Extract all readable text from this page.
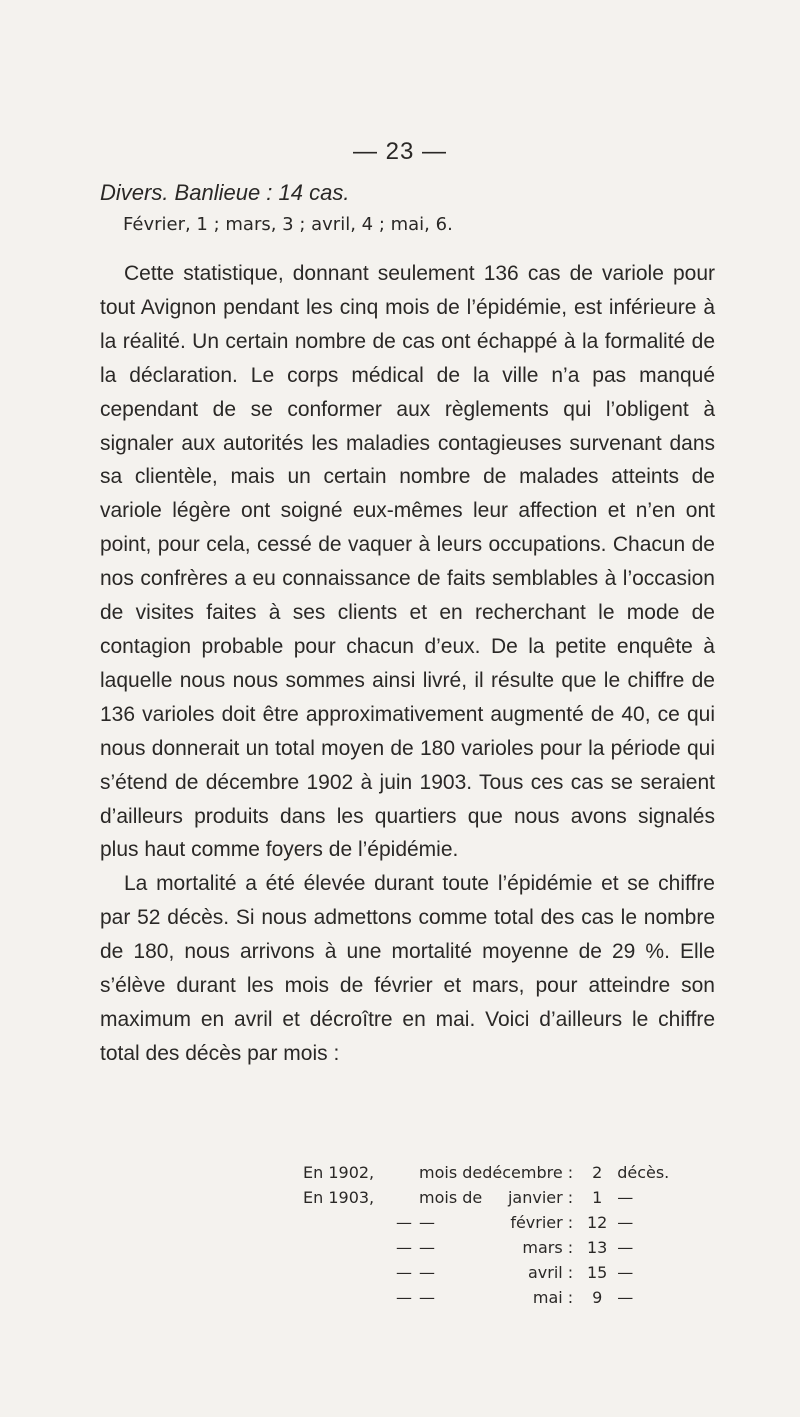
— 23 —
Divers. Banlieue : 14 cas.
Février, 1 ; mars, 3 ; avril, 4 ; mai, 6.

Cette statistique, donnant seulement 136 cas de variole pour tout Avignon pendant les cinq mois de l’épidémie, est inférieure à la réalité. Un certain nombre de cas ont échappé à la formalité de la déclaration. Le corps médical de la ville n’a pas manqué cependant de se conformer aux règlements qui l’obligent à signaler aux autorités les maladies contagieuses survenant dans sa clientèle, mais un certain nombre de malades atteints de variole légère ont soigné eux-mêmes leur affection et n’en ont point, pour cela, cessé de vaquer à leurs occupations. Chacun de nos confrères a eu connaissance de faits semblables à l’occasion de visites faites à ses clients et en recherchant le mode de contagion probable pour chacun d’eux. De la petite enquête à laquelle nous nous sommes ainsi livré, il résulte que le chiffre de 136 varioles doit être approximativement augmenté de 40, ce qui nous donnerait un total moyen de 180 varioles pour la période qui s’étend de décembre 1902 à juin 1903. Tous ces cas se seraient d’ailleurs produits dans les quartiers que nous avons signalés plus haut comme foyers de l’épidémie.

La mortalité a été élevée durant toute l’épidémie et se chiffre par 52 décès. Si nous admettons comme total des cas le nombre de 180, nous arrivons à une mortalité moyenne de 29 %. Elle s’élève durant les mois de février et mars, pour atteindre son maximum en avril et décroître en mai. Voici d’ailleurs le chiffre total des décès par mois :

En 1902,		mois de	décembre :	2	décès.
En 1903,		mois de	janvier :	1	—
	—	—	février :	12	—
	—	—	mars :	13	—
	—	—	avril :	15	—
	—	—	mai :	9	—
